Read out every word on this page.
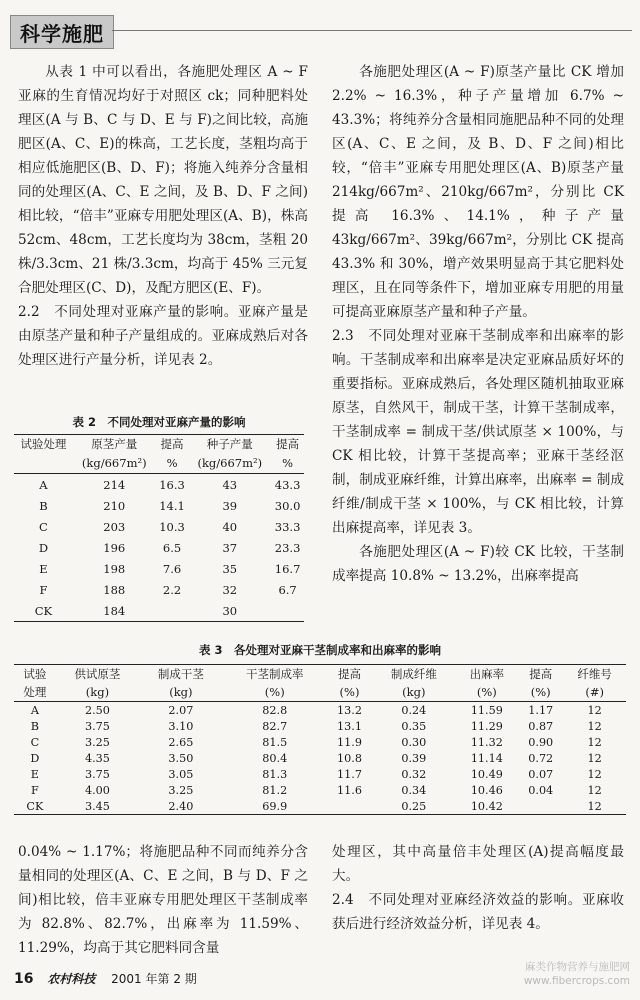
科学施肥

从表 1 中可以看出，各施肥处理区 A ~ F 亚麻的生育情况均好于对照区 ck；同种肥料处理区(A 与 B、C 与 D、E 与 F)之间比较，高施肥区(A、C、E)的株高，工艺长度，茎粗均高于相应低施肥区(B、D、F)；将施入纯养分含量相同的处理区(A、C、E 之间，及 B、D、F 之间)相比较，“倍丰”亚麻专用肥处理区(A、B)，株高 52cm、48cm，工艺长度均为 38cm，茎粗 20 株/3.3cm、21 株/3.3cm，均高于 45% 三元复合肥处理区(C、D)，及配方肥区(E、F)。

2.2　不同处理对亚麻产量的影响。亚麻产量是由原茎产量和种子产量组成的。亚麻成熟后对各处理区进行产量分析，详见表 2。

各施肥处理区(A ~ F)原茎产量比 CK 增加 2.2% ~ 16.3%，种子产量增加 6.7% ~ 43.3%；将纯养分含量相同施肥品种不同的处理区(A、C、E 之间，及 B、D、F 之间)相比较，“倍丰”亚麻专用肥处理区(A、B)原茎产量 214kg/667m²、210kg/667m²，分别比 CK 提高 16.3%、14.1%，种子产量 43kg/667m²、39kg/667m²，分别比 CK 提高 43.3% 和 30%，增产效果明显高于其它肥料处理区，且在同等条件下，增加亚麻专用肥的用量可提高亚麻原茎产量和种子产量。

2.3　不同处理对亚麻干茎制成率和出麻率的影响。干茎制成率和出麻率是决定亚麻品质好坏的重要指标。亚麻成熟后，各处理区随机抽取亚麻原茎，自然风干，制成干茎，计算干茎制成率，干茎制成率 = 制成干茎/供试原茎 × 100%，与 CK 相比较，计算干茎提高率；亚麻干茎经沤制，制成亚麻纤维，计算出麻率，出麻率 = 制成纤维/制成干茎 × 100%，与 CK 相比较，计算出麻提高率，详见表 3。

各施肥处理区(A ~ F)较 CK 比较，干茎制成率提高 10.8% ~ 13.2%，出麻率提高

表 2　不同处理对亚麻产量的影响
试验处理	原茎产量	提高	种子产量	提高
	(kg/667m²)	%	(kg/667m²)	%
A	214	16.3	43	43.3
B	210	14.1	39	30.0
C	203	10.3	40	33.3
D	196	6.5	37	23.3
E	198	7.6	35	16.7
F	188	2.2	32	6.7
CK	184		30	
表 3　各处理对亚麻干茎制成率和出麻率的影响
试验	供试原茎	制成干茎	干茎制成率	提高	制成纤维	出麻率	提高	纤维号
处理	(kg)	(kg)	(%)	(%)	(kg)	(%)	(%)	(#)
A	2.50	2.07	82.8	13.2	0.24	11.59	1.17	12
B	3.75	3.10	82.7	13.1	0.35	11.29	0.87	12
C	3.25	2.65	81.5	11.9	0.30	11.32	0.90	12
D	4.35	3.50	80.4	10.8	0.39	11.14	0.72	12
E	3.75	3.05	81.3	11.7	0.32	10.49	0.07	12
F	4.00	3.25	81.2	11.6	0.34	10.46	0.04	12
CK	3.45	2.40	69.9		0.25	10.42		12

0.04% ~ 1.17%；将施肥品种不同而纯养分含量相同的处理区(A、C、E 之间，B 与 D、F 之间)相比较，倍丰亚麻专用肥处理区干茎制成率为 82.8%、82.7%，出麻率为 11.59%、11.29%，均高于其它肥料同含量

处理区，其中高量倍丰处理区(A)提高幅度最大。

2.4　不同处理对亚麻经济效益的影响。亚麻收获后进行经济效益分析，详见表 4。

16 农村科技 2001 年第 2 期
麻类作物营养与施肥网
www.fibercrops.com
